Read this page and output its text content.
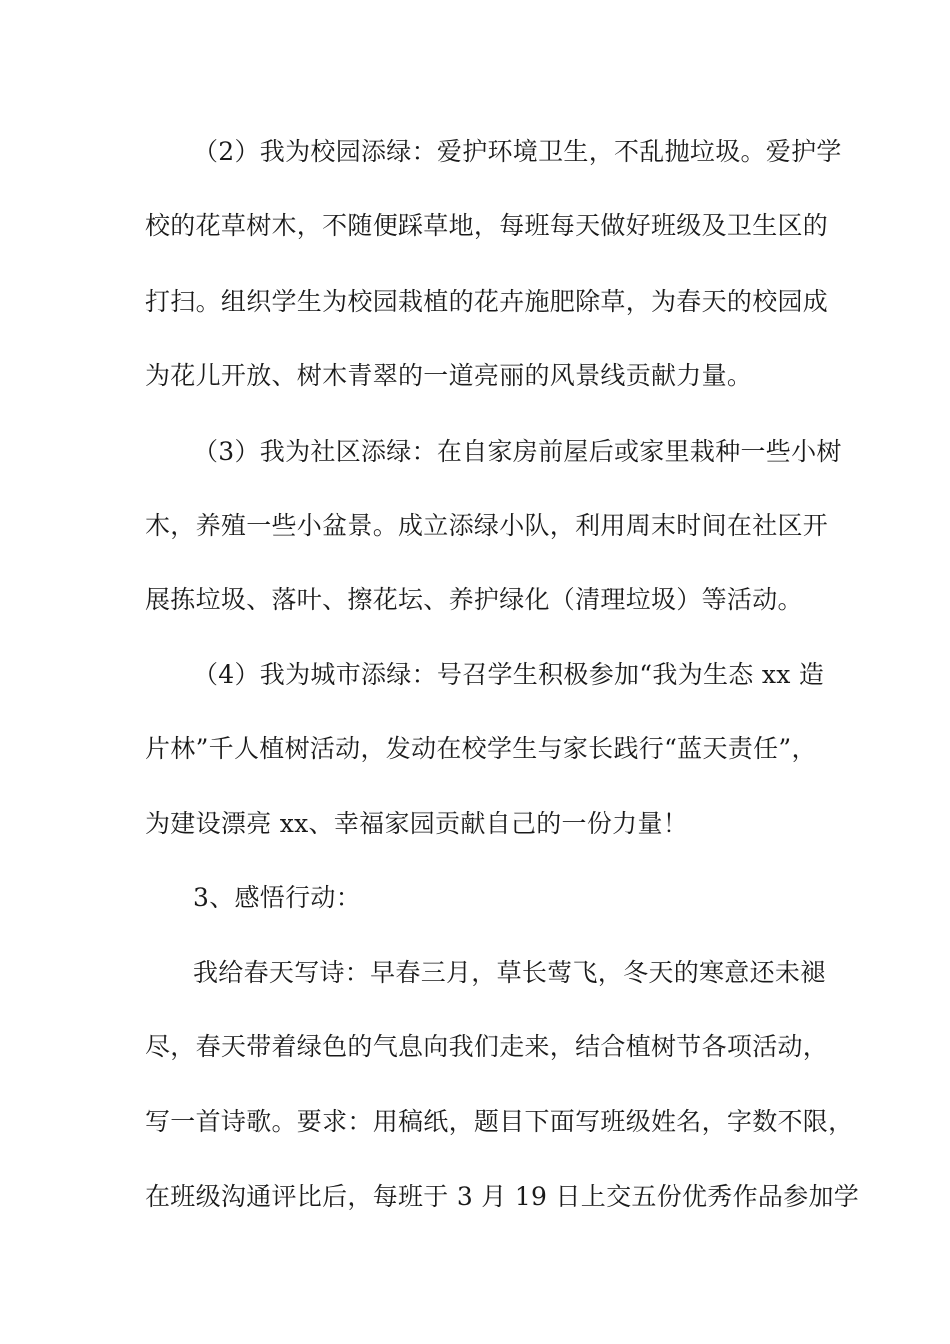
（2）我为校园添绿：爱护环境卫生，不乱抛垃圾。爱护学

校的花草树木，不随便踩草地，每班每天做好班级及卫生区的

打扫。组织学生为校园栽植的花卉施肥除草，为春天的校园成

为花儿开放、树木青翠的一道亮丽的风景线贡献力量。

（3）我为社区添绿：在自家房前屋后或家里栽种一些小树

木，养殖一些小盆景。成立添绿小队，利用周末时间在社区开

展拣垃圾、落叶、擦花坛、养护绿化（清理垃圾）等活动。

（4）我为城市添绿：号召学生积极参加“我为生态 xx 造

片林”千人植树活动，发动在校学生与家长践行“蓝天责任”，

为建设漂亮 xx、幸福家园贡献自己的一份力量！

3、感悟行动：

我给春天写诗：早春三月，草长莺飞，冬天的寒意还未褪

尽，春天带着绿色的气息向我们走来，结合植树节各项活动，

写一首诗歌。要求：用稿纸，题目下面写班级姓名，字数不限，

在班级沟通评比后，每班于 3 月 19 日上交五份优秀作品参加学
